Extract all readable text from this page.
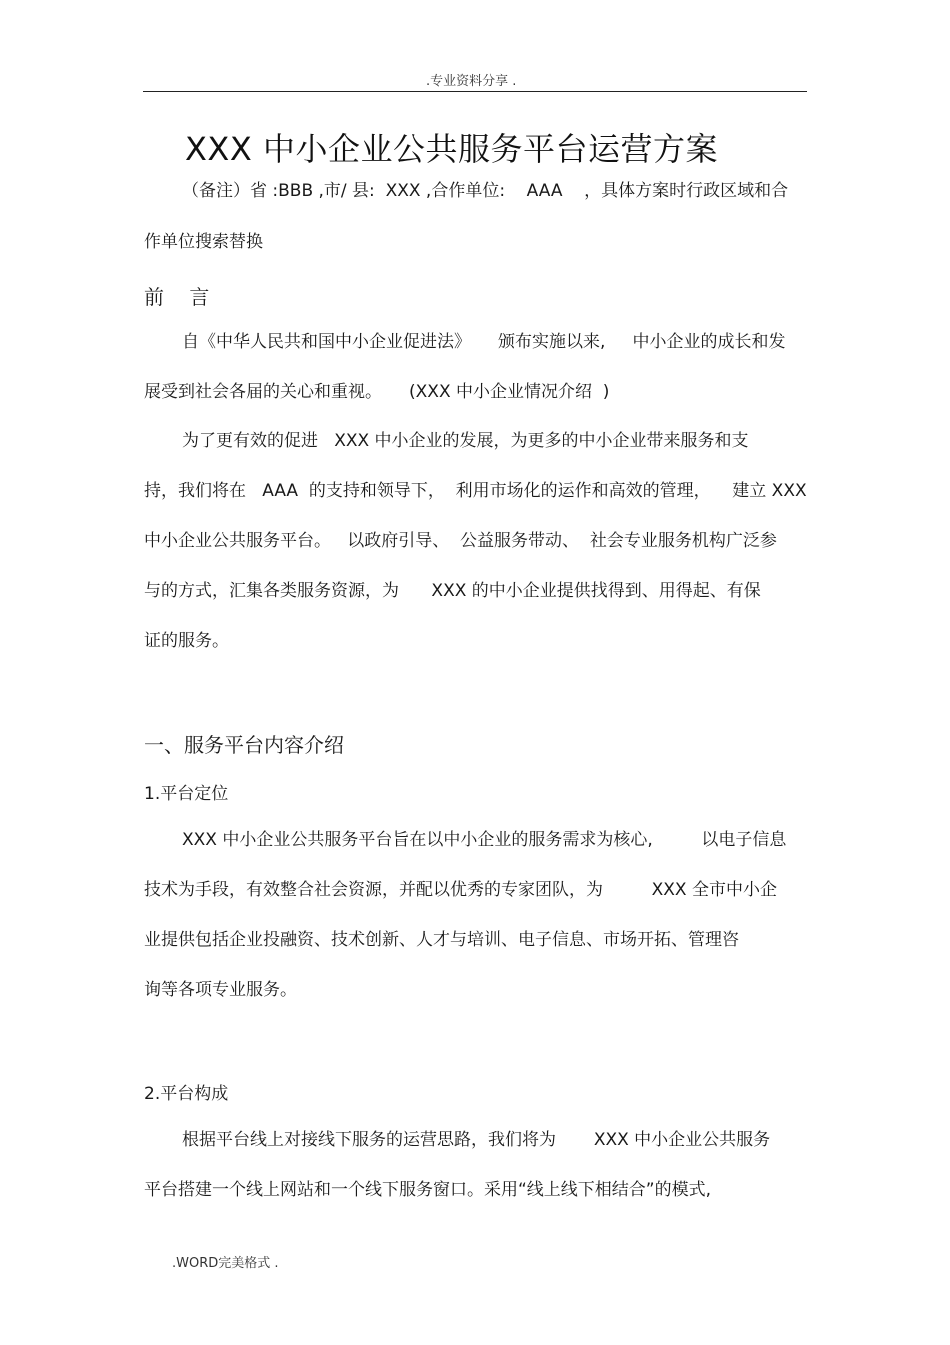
.专业资料分享 .
XXX 中小企业公共服务平台运营方案
（备注）省 :BBB ,市/ 县:  XXX ,合作单位:    AAA    ，具体方案时行政区域和合
作单位搜索替换
前    言
自《中华人民共和国中小企业促进法》     颁布实施以来,     中小企业的成长和发
展受到社会各届的关心和重视。     (XXX 中小企业情况介绍  )
为了更有效的促进   XXX 中小企业的发展，为更多的中小企业带来服务和支
持，我们将在   AAA  的支持和领导下，  利用市场化的运作和高效的管理，    建立 XXX
中小企业公共服务平台。   以政府引导、  公益服务带动、  社会专业服务机构广泛参
与的方式，汇集各类服务资源，为      XXX 的中小企业提供找得到、用得起、有保
证的服务。
一、服务平台内容介绍
1.平台定位
XXX 中小企业公共服务平台旨在以中小企业的服务需求为核心,         以电子信息
技术为手段，有效整合社会资源，并配以优秀的专家团队，为         XXX 全市中小企
业提供包括企业投融资、技术创新、人才与培训、电子信息、市场开拓、管理咨
询等各项专业服务。
2.平台构成
根据平台线上对接线下服务的运营思路，我们将为       XXX 中小企业公共服务
平台搭建一个线上网站和一个线下服务窗口。采用“线上线下相结合”的模式,
.WORD完美格式 .
